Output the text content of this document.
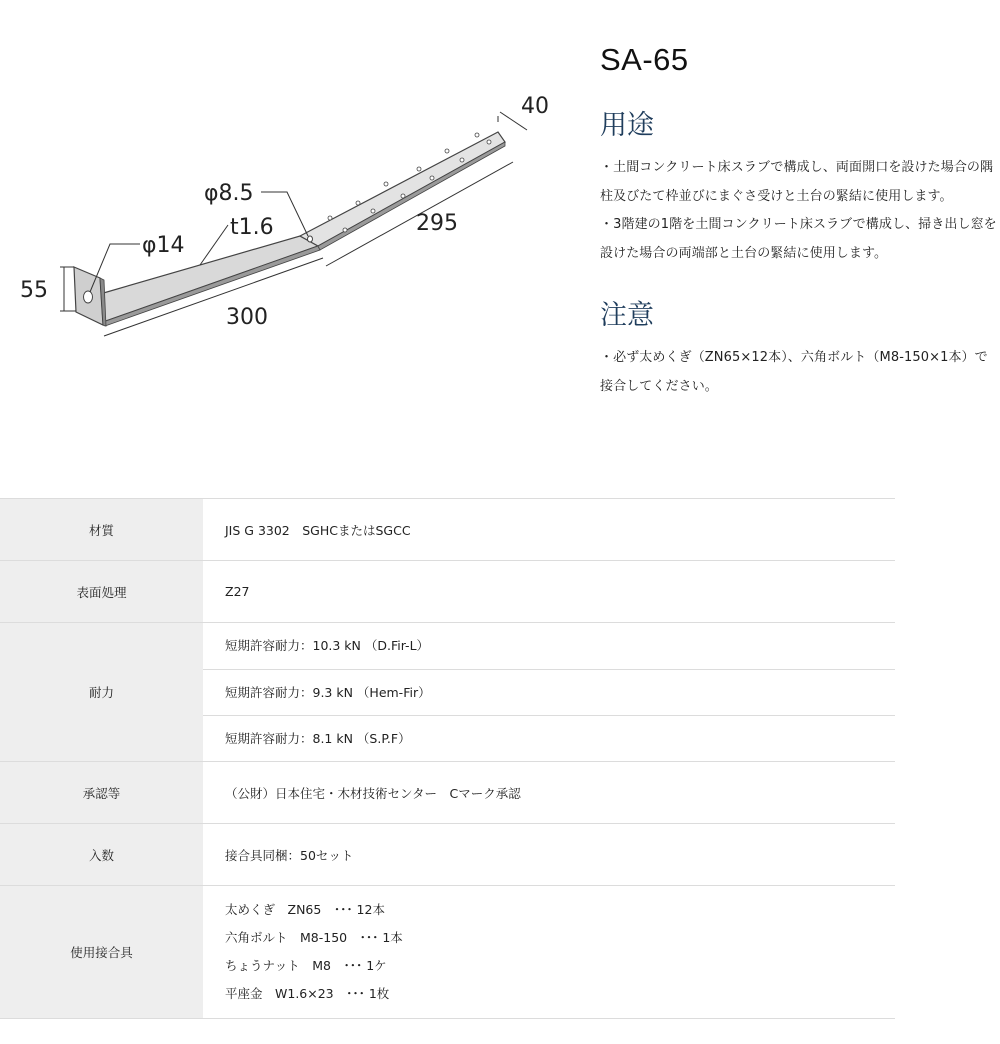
40
φ8.5
t1.6	295
φ14
55
300
SA-65
用途

・土間コンクリート床スラブで構成し、両面開口を設けた場合の隅柱及びたて枠並びにまぐさ受けと土台の緊結に使用します。

・3階建の1階を土間コンクリート床スラブで構成し、掃き出し窓を設けた場合の両端部と土台の緊結に使用します。

注意

・必ず太めくぎ（ZN65×12本）、六角ボルト（M8-150×1本）で接合してください。

材質	JIS G 3302　SGHCまたはSGCC
表面処理	Z27
耐力	短期許容耐力：10.3 kN （D.Fir-L）
短期許容耐力：9.3 kN （Hem-Fir）
短期許容耐力：8.1 kN （S.P.F）

承認等	（公財）日本住宅・木材技術センター　Cマーク承認
入数	接合具同梱：50セット
使用接合具	太めくぎ　ZN65　･･･ 12本
六角ボルト　M8-150　･･･ 1本
ちょうナット　M8　･･･ 1ケ
平座金　W1.6×23　･･･ 1枚
